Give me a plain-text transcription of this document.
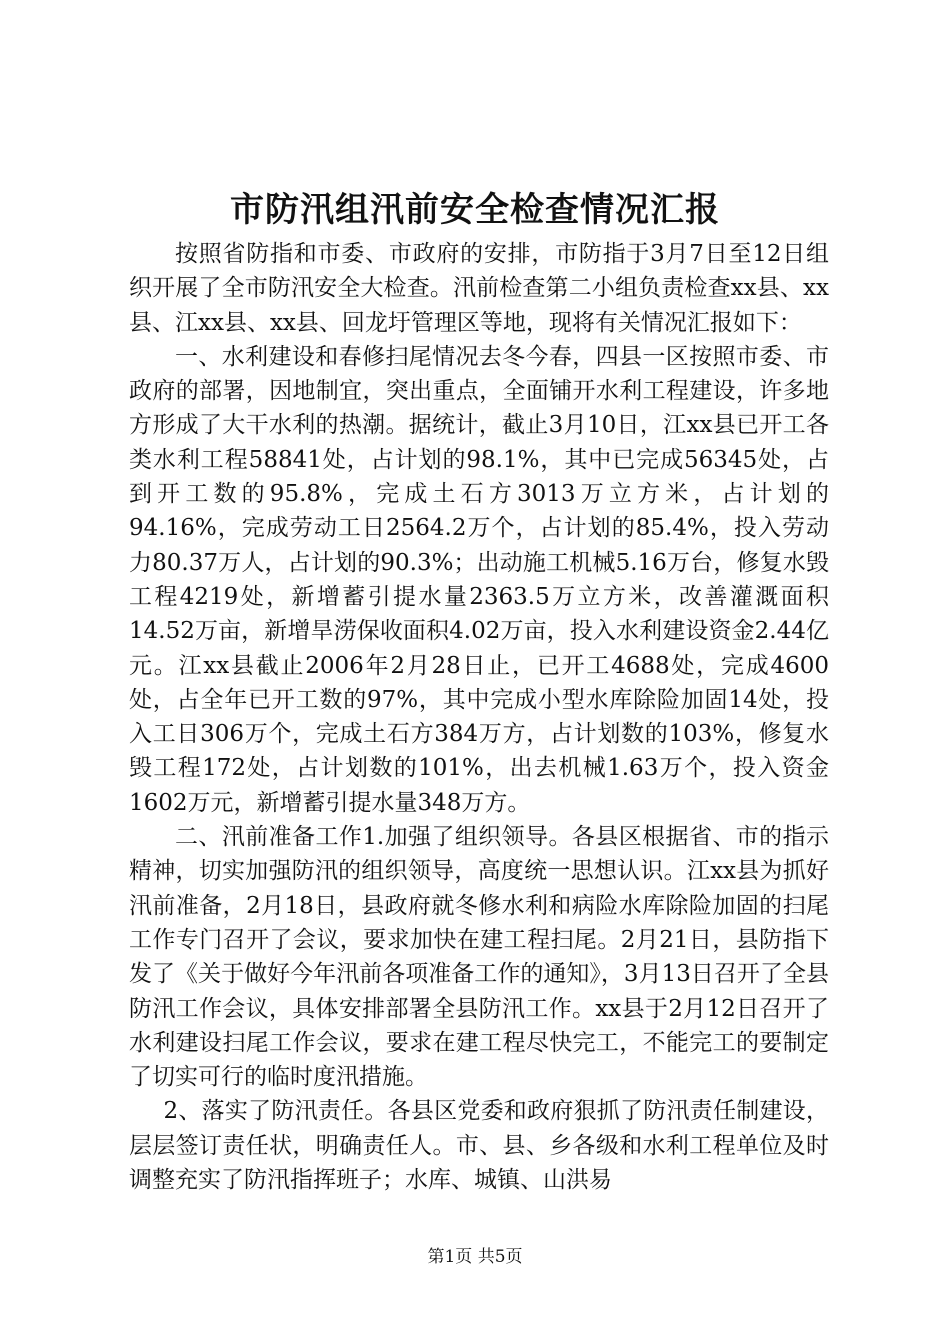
市防汛组汛前安全检查情况汇报

按照省防指和市委、市政府的安排，市防指于3月7日至12日组织开展了全市防汛安全大检查。汛前检查第二小组负责检查xx县、xx县、江xx县、xx县、回龙圩管理区等地，现将有关情况汇报如下：

一、水利建设和春修扫尾情况去冬今春，四县一区按照市委、市政府的部署，因地制宜，突出重点，全面铺开水利工程建设，许多地方形成了大干水利的热潮。据统计，截止3月10日，江xx县已开工各类水利工程58841处，占计划的98.1%，其中已完成56345处，占到开工数的95.8%，完成土石方3013万立方米，占计划的94.16%，完成劳动工日2564.2万个，占计划的85.4%，投入劳动力80.37万人，占计划的90.3%；出动施工机械5.16万台，修复水毁工程4219处，新增蓄引提水量2363.5万立方米，改善灌溉面积14.52万亩，新增旱涝保收面积4.02万亩，投入水利建设资金2.44亿元。江xx县截止2006年2月28日止，已开工4688处，完成4600处，占全年已开工数的97%，其中完成小型水库除险加固14处，投入工日306万个，完成土石方384万方，占计划数的103%，修复水毁工程172处，占计划数的101%，出去机械1.63万个，投入资金1602万元，新增蓄引提水量348万方。

二、汛前准备工作1.加强了组织领导。各县区根据省、市的指示精神，切实加强防汛的组织领导，高度统一思想认识。江xx县为抓好汛前准备，2月18日，县政府就冬修水利和病险水库除险加固的扫尾工作专门召开了会议，要求加快在建工程扫尾。2月21日，县防指下发了《关于做好今年汛前各项准备工作的通知》，3月13日召开了全县防汛工作会议，具体安排部署全县防汛工作。xx县于2月12日召开了水利建设扫尾工作会议，要求在建工程尽快完工，不能完工的要制定了切实可行的临时度汛措施。

2、落实了防汛责任。各县区党委和政府狠抓了防汛责任制建设，层层签订责任状，明确责任人。市、县、乡各级和水利工程单位及时调整充实了防汛指挥班子；水库、城镇、山洪易

第1页 共5页
